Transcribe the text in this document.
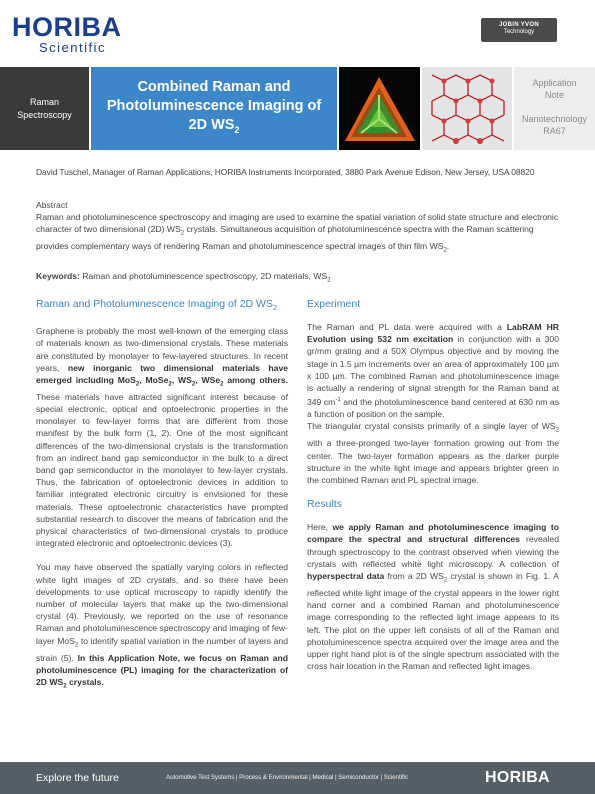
HORIBA
Scientific
JOBIN YVON
Technology
Raman
Spectroscopy
Combined Raman and
Photoluminescence Imaging of
2D $WS_2$
Application
Note

Nanotechnology
RA67
David Tuschel, Manager of Raman Applications, HORIBA Instruments Incorporated, 3880 Park Avenue Edison, New Jersey, USA 08820
Abstract
Raman and photoluminescence spectroscopy and imaging are used to examine the spatial variation of solid state structure and electronic character of two dimensional (2D) $WS_2$ crystals. Simultaneous acquisition of photoluminescence spectra with the Raman scattering provides complementary ways of rendering Raman and photoluminescence spectral images of thin film $WS_2$.
Keywords: Raman and photoluminescence spectroscopy, 2D materials, $WS_2$
Raman and Photoluminescence Imaging of 2D $WS_2$

Graphene is probably the most well-known of the emerging class of materials known as two-dimensional crystals. These materials are constituted by monolayer to few-layered structures. In recent years, new inorganic two dimensional materials have emerged including MoS$_2$, MoSe$_2$, $WS_2$, WSe$_2$ among others. These materials have attracted significant interest because of special electronic, optical and optoelectronic properties in the monolayer to few-layer forms that are different from those manifest by the bulk form (1, 2). One of the most significant differences of the two-dimensional crystals is the transformation from an indirect band gap semiconductor in the bulk to a direct band gap semiconductor in the monolayer to few-layer crystals. Thus, the fabrication of optoelectronic devices in addition to familiar integrated electronic circuitry is envisioned for these materials. These optoelectronic characteristics have prompted substantial research to discover the means of fabrication and the physical characteristics of two-dimensional crystals to produce integrated electronic and optoelectronic devices (3).

You may have observed the spatially varying colors in reflected white light images of 2D crystals, and so there have been developments to use optical microscopy to rapidly identify the number of molecular layers that make up the two-dimensional crystal (4). Previously, we reported on the use of resonance Raman and photoluminescence spectroscopy and imaging of few-layer MoS$_2$ to identify spatial variation in the number of layers and strain (5). In this Application Note, we focus on Raman and photoluminescence (PL) imaging for the characterization of 2D $WS_2$ crystals.

Experiment

The Raman and PL data were acquired with a LabRAM HR Evolution using 532 nm excitation in conjunction with a 300 gr/mm grating and a 50X Olympus objective and by moving the stage in 1.5 µm increments over an area of approximately 100 µm x 100 µm. The combined Raman and photoluminescence image is actually a rendering of signal strength for the Raman band at 349 $cm^{-1}$ and the photoluminescence band centered at 630 nm as a function of position on the sample.

The triangular crystal consists primarily of a single layer of $WS_2$ with a three-pronged two-layer formation growing out from the center. The two-layer formation appears as the darker purple structure in the white light image and appears brighter green in the combined Raman and PL spectral image.

Results

Here, we apply Raman and photoluminescence imaging to compare the spectral and structural differences revealed through spectroscopy to the contrast observed when viewing the crystals with reflected white light microscopy. A collection of hyperspectral data from a 2D $WS_2$ crystal is shown in Fig. 1. A reflected white light image of the crystal appears in the lower right hand corner and a combined Raman and photoluminescence image corresponding to the reflected light image appears to its left. The plot on the upper left consists of all of the Raman and photoluminescence spectra acquired over the image area and the upper right hand plot is of the single spectrum associated with the cross hair location in the Raman and reflected light images.

Explore the future	Automotive Test Systems | Process & Environmental | Medical | Semiconductor | Scientific	HORIBA
